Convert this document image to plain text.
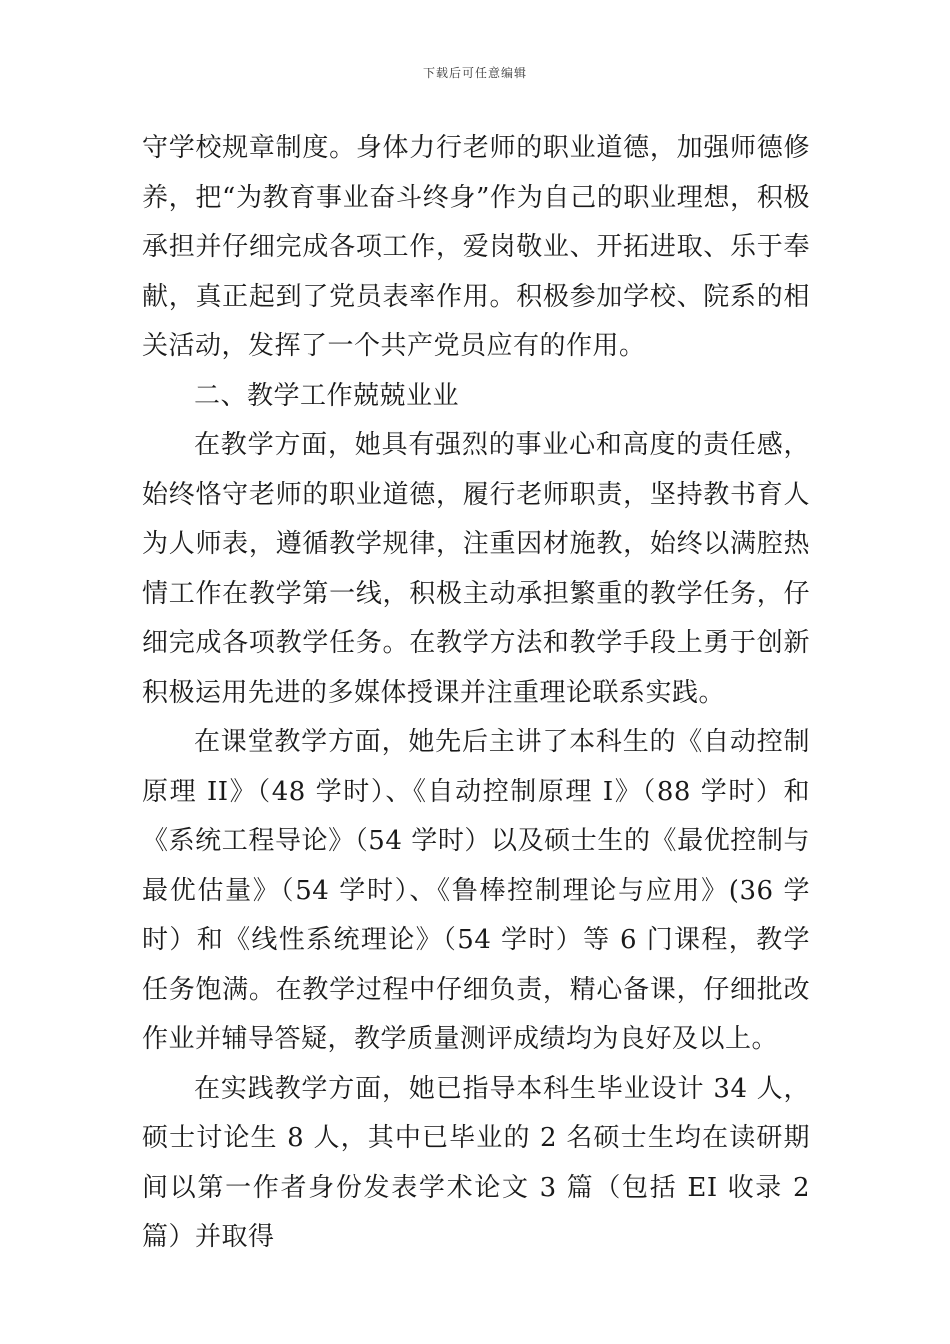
下载后可任意编辑

守学校规章制度。身体力行老师的职业道德，加强师德修养，把“为教育事业奋斗终身”作为自己的职业理想，积极承担并仔细完成各项工作，爱岗敬业、开拓进取、乐于奉献，真正起到了党员表率作用。积极参加学校、院系的相关活动，发挥了一个共产党员应有的作用。

二、教学工作兢兢业业

在教学方面，她具有强烈的事业心和高度的责任感，始终恪守老师的职业道德，履行老师职责，坚持教书育人为人师表，遵循教学规律，注重因材施教，始终以满腔热情工作在教学第一线，积极主动承担繁重的教学任务，仔细完成各项教学任务。在教学方法和教学手段上勇于创新积极运用先进的多媒体授课并注重理论联系实践。

在课堂教学方面，她先后主讲了本科生的《自动控制原理 II》（48 学时）、《自动控制原理 I》（88 学时）和《系统工程导论》（54 学时）以及硕士生的《最优控制与最优估量》（54 学时）、《鲁棒控制理论与应用》(36 学时）和《线性系统理论》（54 学时）等 6 门课程，教学任务饱满。在教学过程中仔细负责，精心备课，仔细批改作业并辅导答疑，教学质量测评成绩均为良好及以上。

在实践教学方面，她已指导本科生毕业设计 34 人，硕士讨论生 8 人，其中已毕业的 2 名硕士生均在读研期间以第一作者身份发表学术论文 3 篇（包括 EI 收录 2 篇）并取得
